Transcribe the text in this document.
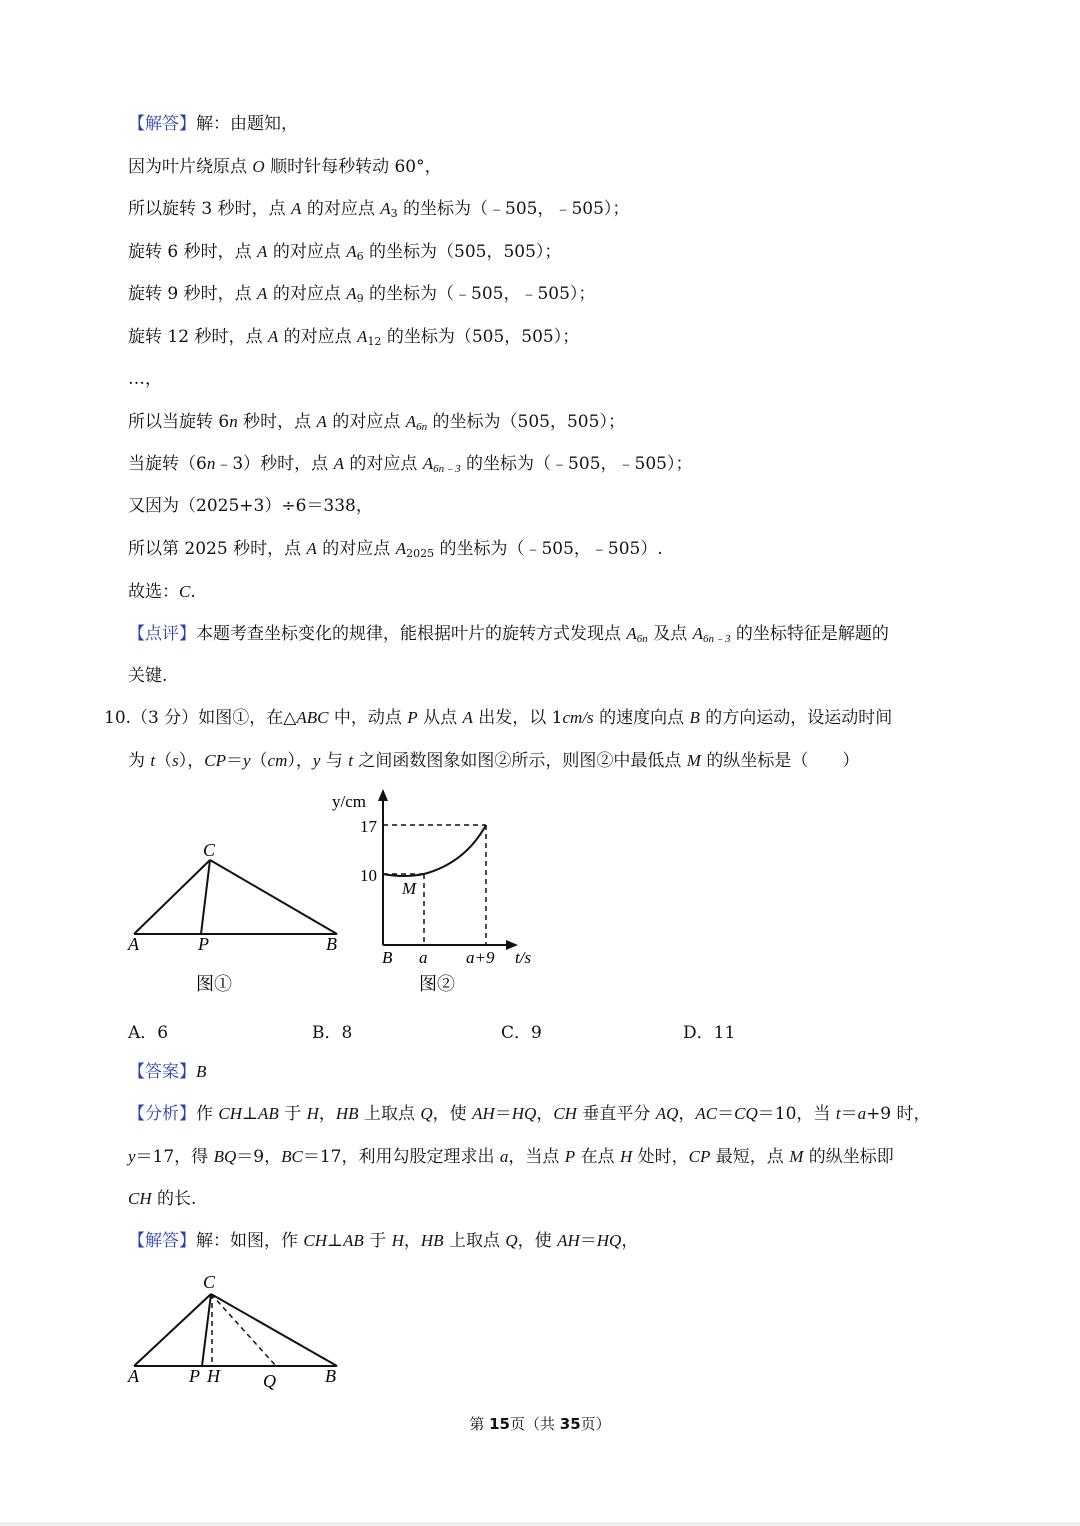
【解答】解：由题知，
因为叶片绕原点 O 顺时针每秒转动 60°，
所以旋转 3 秒时，点 A 的对应点 $A_3$ 的坐标为（﹣505，﹣505）；
旋转 6 秒时，点 A 的对应点 $A_6$ 的坐标为（505，505）；
旋转 9 秒时，点 A 的对应点 $A_9$ 的坐标为（﹣505，﹣505）；
旋转 12 秒时，点 A 的对应点 $A_{12}$ 的坐标为（505，505）；
…，
所以当旋转 6n 秒时，点 A 的对应点 $A_{6n}$ 的坐标为（505，505）；
当旋转（6n﹣3）秒时，点 A 的对应点 $A_{6n﹣3}$ 的坐标为（﹣505，﹣505）；
又因为（2025+3）÷6＝338，
所以第 2025 秒时，点 A 的对应点 $A_{2025}$ 的坐标为（﹣505，﹣505）.
故选：C.
【点评】本题考查坐标变化的规律，能根据叶片的旋转方式发现点 $A_{6n}$ 及点 $A_{6n﹣3}$ 的坐标特征是解题的
关键.
10.（3 分）如图①，在△ABC 中，动点 P 从点 A 出发，以 1cm/s 的速度向点 B 的方向运动，设运动时间
为 t（s），CP＝y（cm），y 与 t 之间函数图象如图②所示，则图②中最低点 M 的纵坐标是（　　）
C
A	P	B
图①
y/cm
17
10
M
B a a+9 t/s
图②
A．6	B．8	C．9	D．11
【答案】B
【分析】作 CH⊥AB 于 H，HB 上取点 Q，使 AH＝HQ，CH 垂直平分 AQ，AC＝CQ＝10，当 t＝a+9 时，
y＝17，得 BQ＝9，BC＝17，利用勾股定理求出 a，当点 P 在点 H 处时，CP 最短，点 M 的纵坐标即
CH 的长.
【解答】解：如图，作 CH⊥AB 于 H，HB 上取点 Q，使 AH＝HQ，
C
A	P H Q	B
第 15页（共 35页）
